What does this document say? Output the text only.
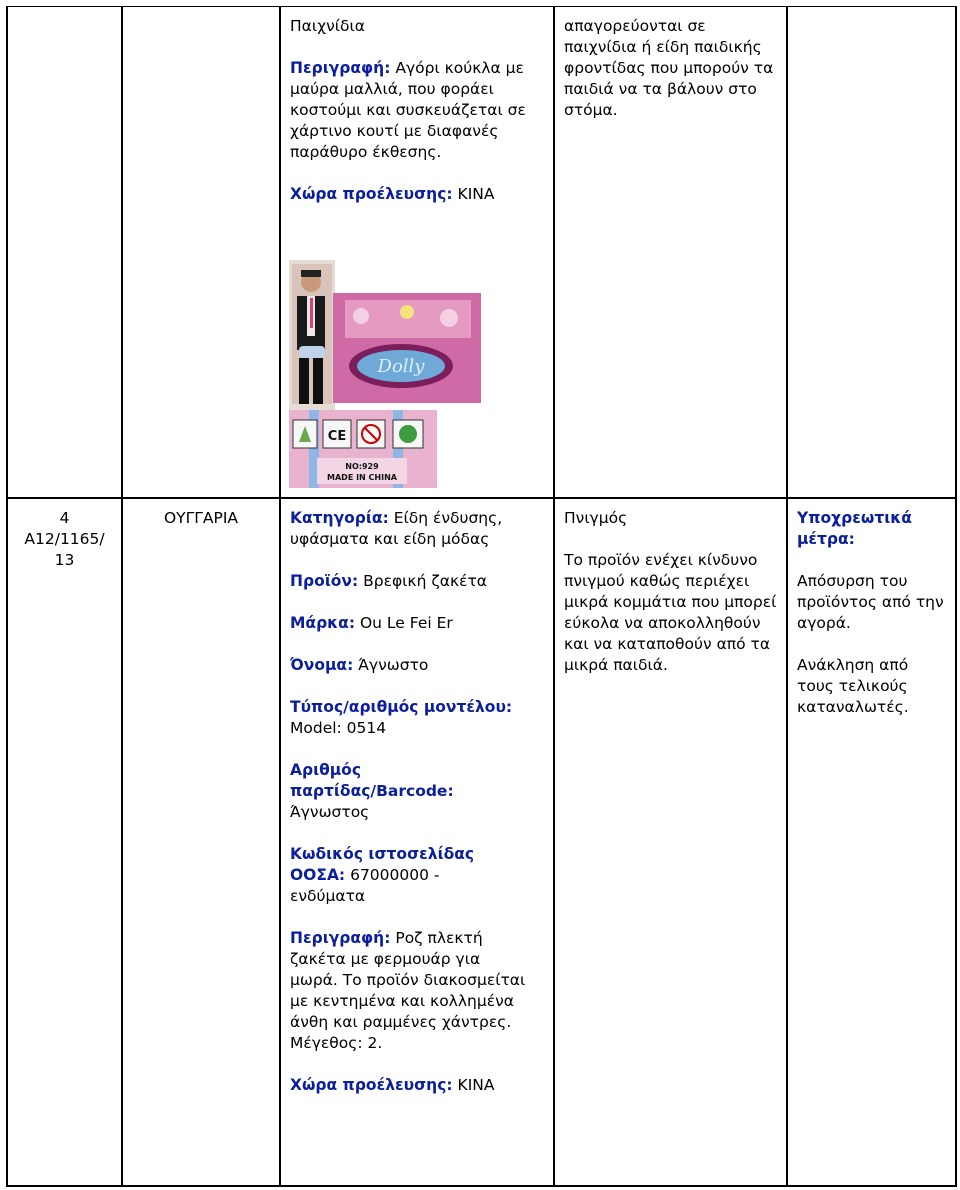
Παιχνίδια

Περιγραφή: Αγόρι κούκλα με μαύρα μαλλιά, που φοράει κοστούμι και συσκευάζεται σε χάρτινο κουτί με διαφανές παράθυρο έκθεσης.

Χώρα προέλευσης: ΚΙΝΑ

απαγορεύονται σε παιχνίδια ή είδη παιδικής φροντίδας που μπορούν τα παιδιά να τα βάλουν στο στόμα.

Dolly
CE
NO:929
MADE IN CHINA

4

A12/1165/ 13

ΟΥΓΓΑΡΙΑ	Κατηγορία: Είδη ένδυσης, υφάσματα και είδη μόδας

Προϊόν: Βρεφική ζακέτα

Μάρκα: Ou Le Fei Er

Όνομα: Άγνωστο

Τύπος/αριθμός μοντέλου:
Model: 0514

Αριθμός παρτίδας/Barcode: Άγνωστος

Κωδικός ιστοσελίδας ΟΟΣΑ: 67000000 - ενδύματα

Περιγραφή: Ροζ πλεκτή ζακέτα με φερμουάρ για μωρά. Το προϊόν διακοσμείται με κεντημένα και κολλημένα άνθη και ραμμένες χάντρες. Μέγεθος: 2.

Χώρα προέλευσης: ΚΙΝΑ

Πνιγμός

Το προϊόν ενέχει κίνδυνο πνιγμού καθώς περιέχει μικρά κομμάτια που μπορεί εύκολα να αποκολληθούν και να καταποθούν από τα μικρά παιδιά.

Υποχρεωτικά μέτρα:

Απόσυρση του προϊόντος από την αγορά.

Ανάκληση από τους τελικούς καταναλωτές.
